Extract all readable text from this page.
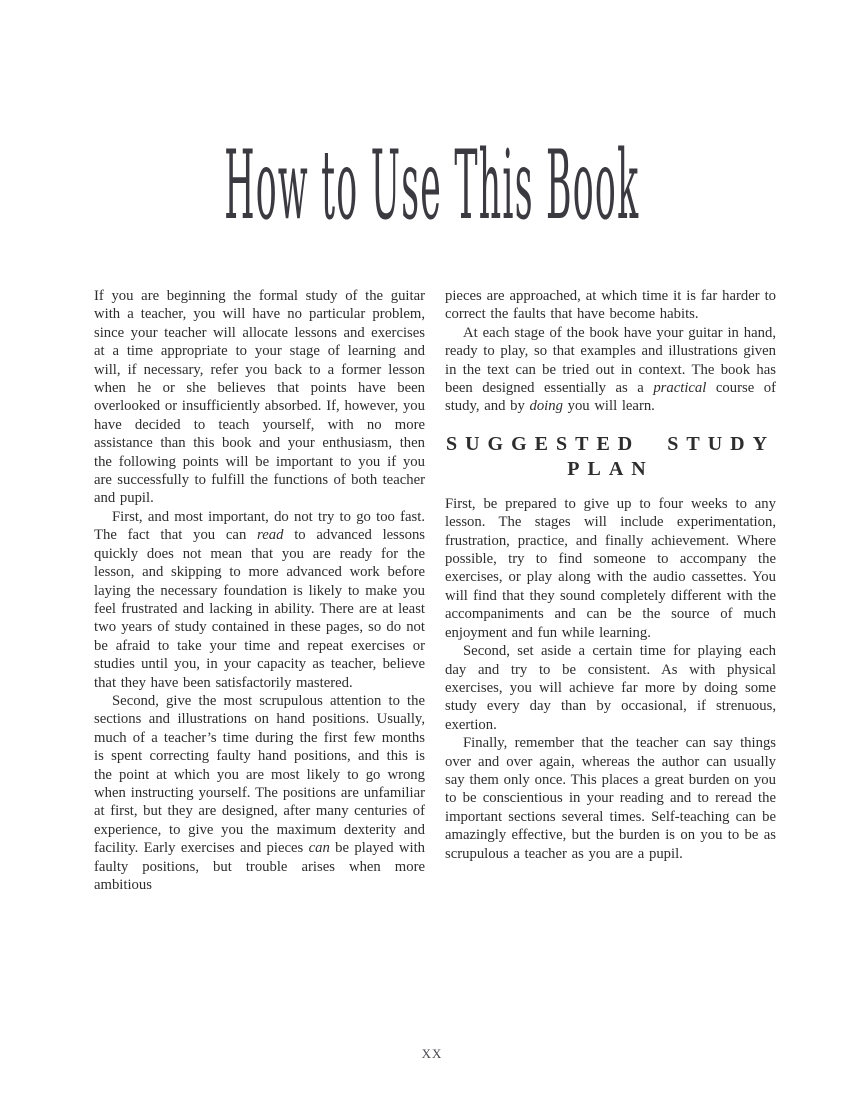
How to Use This Book

If you are beginning the formal study of the guitar with a teacher, you will have no particular problem, since your teacher will allocate lessons and exercises at a time appropriate to your stage of learning and will, if necessary, refer you back to a former lesson when he or she believes that points have been overlooked or insufficiently absorbed. If, however, you have decided to teach yourself, with no more assistance than this book and your enthusiasm, then the following points will be important to you if you are successfully to fulfill the functions of both teacher and pupil.

First, and most important, do not try to go too fast. The fact that you can read to advanced lessons quickly does not mean that you are ready for the lesson, and skipping to more advanced work before laying the necessary foundation is likely to make you feel frustrated and lacking in ability. There are at least two years of study contained in these pages, so do not be afraid to take your time and repeat exercises or studies until you, in your capacity as teacher, believe that they have been satisfactorily mastered.

Second, give the most scrupulous attention to the sections and illustrations on hand positions. Usually, much of a teacher’s time during the first few months is spent correcting faulty hand positions, and this is the point at which you are most likely to go wrong when instructing yourself. The positions are unfamiliar at first, but they are designed, after many centuries of experience, to give you the maximum dexterity and facility. Early exercises and pieces can be played with faulty positions, but trouble arises when more ambitious

pieces are approached, at which time it is far harder to correct the faults that have become habits.

At each stage of the book have your guitar in hand, ready to play, so that examples and illustrations given in the text can be tried out in context. The book has been designed essentially as a practical course of study, and by doing you will learn.

SUGGESTED STUDY
PLAN

First, be prepared to give up to four weeks to any lesson. The stages will include experimentation, frustration, practice, and finally achievement. Where possible, try to find someone to accompany the exercises, or play along with the audio cassettes. You will find that they sound completely different with the accompaniments and can be the source of much enjoyment and fun while learning.

Second, set aside a certain time for playing each day and try to be consistent. As with physical exercises, you will achieve far more by doing some study every day than by occasional, if strenuous, exertion.

Finally, remember that the teacher can say things over and over again, whereas the author can usually say them only once. This places a great burden on you to be conscientious in your reading and to reread the important sections several times. Self-teaching can be amazingly effective, but the burden is on you to be as scrupulous a teacher as you are a pupil.

XX
